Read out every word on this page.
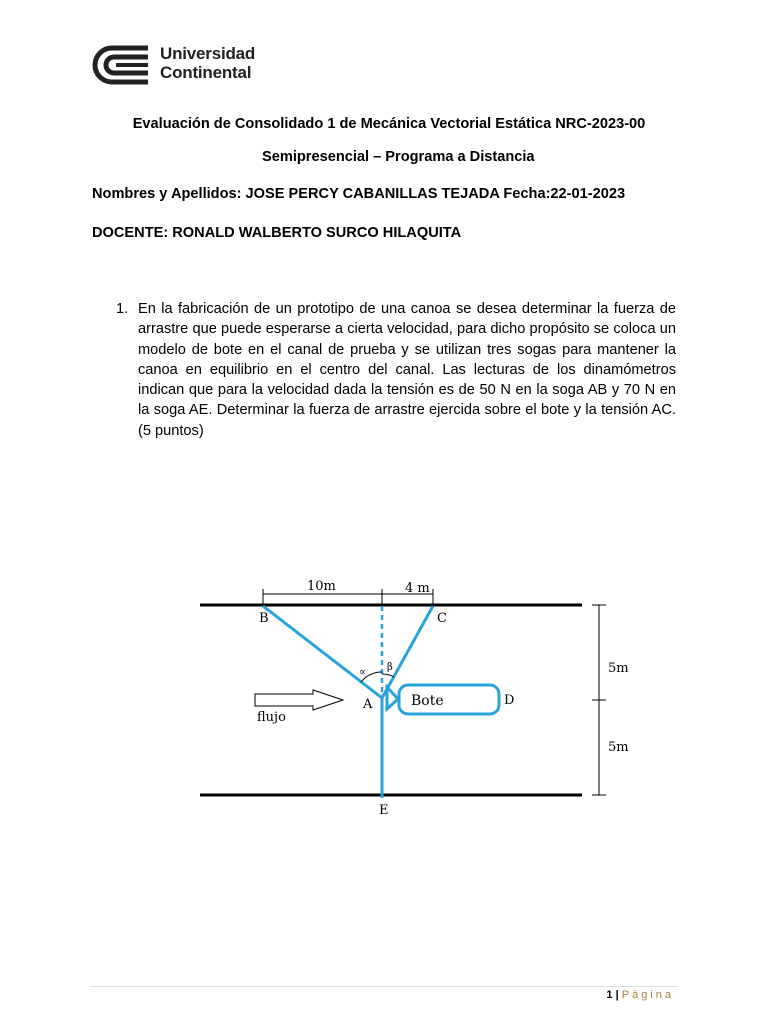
Universidad
Continental
Evaluación de Consolidado 1 de Mecánica Vectorial Estática NRC-2023-00
Semipresencial – Programa a Distancia
Nombres y Apellidos: JOSE PERCY CABANILLAS TEJADA Fecha:22-01-2023
DOCENTE: RONALD WALBERTO SURCO HILAQUITA
1. En la fabricación de un prototipo de una canoa se desea determinar la fuerza de arrastre que puede esperarse a cierta velocidad, para dicho propósito se coloca un modelo de bote en el canal de prueba y se utilizan tres sogas para mantener la canoa en equilibrio en el centro del canal. Las lecturas de los dinamómetros indican que para la velocidad dada la tensión es de 50 N en la soga AB y 70 N en la soga AE. Determinar la fuerza de arrastre ejercida sobre el bote y la tensión AC. (5 puntos)
10m	4 m
∝ β
Bote
flujo
B	C
A	D
E
5m
5m
1 | Página
